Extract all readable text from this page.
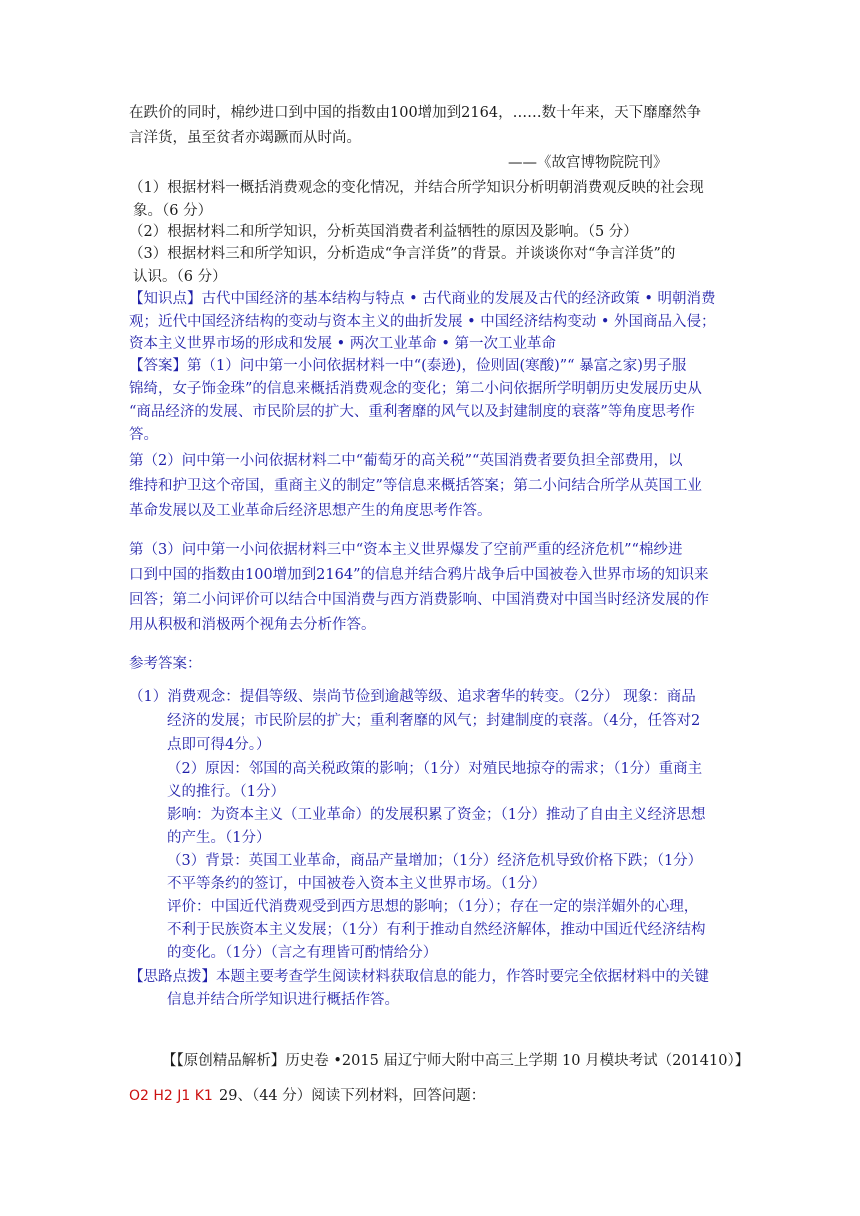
在跌价的同时，棉纱进口到中国的指数由100增加到2164，……数十年来，天下靡靡然争
言洋货，虽至贫者亦竭蹶而从时尚。
——《故宫博物院院刊》
（1）根据材料一概括消费观念的变化情况，并结合所学知识分析明朝消费观反映的社会现
象。（6 分）
（2）根据材料二和所学知识，分析英国消费者利益牺牲的原因及影响。（5 分）
（3）根据材料三和所学知识，分析造成“争言洋货”的背景。并谈谈你对“争言洋货”的
认识。（6 分）
【知识点】古代中国经济的基本结构与特点 • 古代商业的发展及古代的经济政策 • 明朝消费
观；近代中国经济结构的变动与资本主义的曲折发展 • 中国经济结构变动 • 外国商品入侵；
资本主义世界市场的形成和发展 • 两次工业革命 • 第一次工业革命
【答案】第（1）问中第一小问依据材料一中“(泰逊)，俭则固(寒酸)”“ 暴富之家)男子服
锦绮，女子饰金珠”的信息来概括消费观念的变化；第二小问依据所学明朝历史发展历史从
“商品经济的发展、市民阶层的扩大、重利奢靡的风气以及封建制度的衰落”等角度思考作
答。
第（2）问中第一小问依据材料二中“葡萄牙的高关税”“英国消费者要负担全部费用，以
维持和护卫这个帝国，重商主义的制定”等信息来概括答案；第二小问结合所学从英国工业
革命发展以及工业革命后经济思想产生的角度思考作答。
第（3）问中第一小问依据材料三中“资本主义世界爆发了空前严重的经济危机”“棉纱进
口到中国的指数由100增加到2164”的信息并结合鸦片战争后中国被卷入世界市场的知识来
回答；第二小问评价可以结合中国消费与西方消费影响、中国消费对中国当时经济发展的作
用从积极和消极两个视角去分析作答。
参考答案：
（1）消费观念：提倡等级、崇尚节俭到逾越等级、追求奢华的转变。（2分） 现象：商品
经济的发展；市民阶层的扩大；重利奢靡的风气；封建制度的衰落。（4分，任答对2
点即可得4分。）
（2）原因：邻国的高关税政策的影响；（1分）对殖民地掠夺的需求；（1分）重商主
义的推行。（1分）
影响：为资本主义（工业革命）的发展积累了资金；（1分）推动了自由主义经济思想
的产生。（1分）
（3）背景：英国工业革命，商品产量增加；（1分）经济危机导致价格下跌；（1分）
不平等条约的签订，中国被卷入资本主义世界市场。（1分）
评价：中国近代消费观受到西方思想的影响；（1分）；存在一定的崇洋媚外的心理，
不利于民族资本主义发展；（1分）有利于推动自然经济解体，推动中国近代经济结构
的变化。（1分）（言之有理皆可酌情给分）
【思路点拨】本题主要考查学生阅读材料获取信息的能力，作答时要完全依据材料中的关键
信息并结合所学知识进行概括作答。
【【原创精品解析】历史卷 •2015 届辽宁师大附中高三上学期 10 月模块考试（201410）】
O2 H2 J1 K1 29、（44 分）阅读下列材料，回答问题：
